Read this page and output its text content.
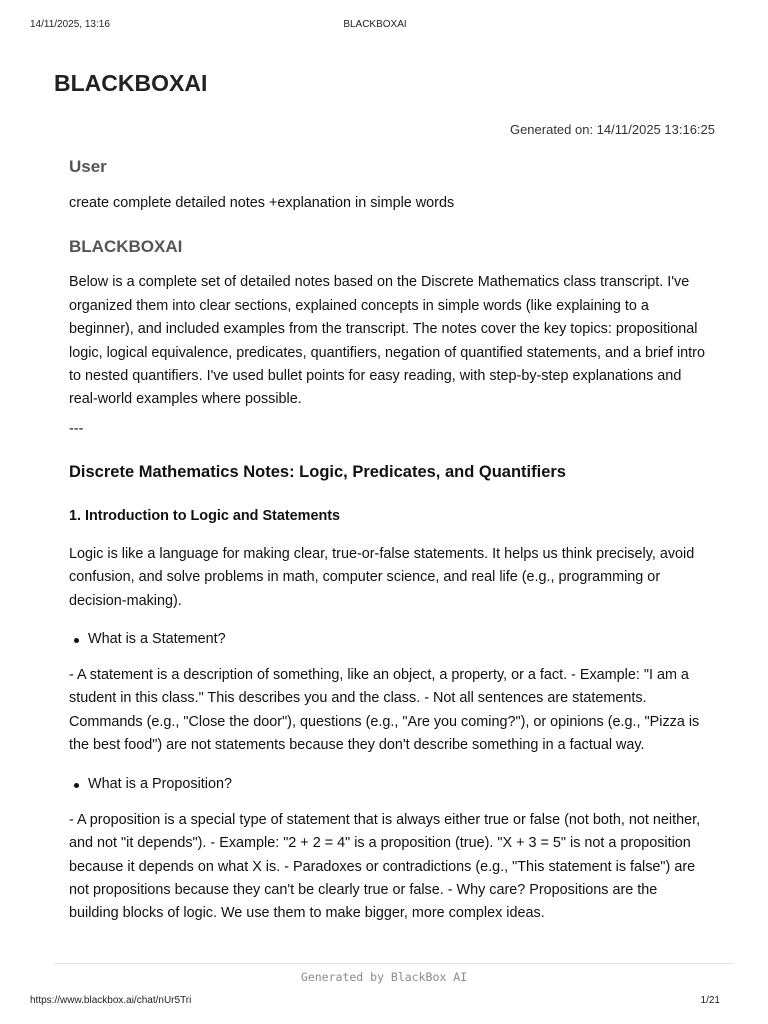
14/11/2025, 13:16	BLACKBOXAI
BLACKBOXAI
Generated on: 14/11/2025 13:16:25
User

create complete detailed notes +explanation in simple words

BLACKBOXAI

Below is a complete set of detailed notes based on the Discrete Mathematics class transcript. I've organized them into clear sections, explained concepts in simple words (like explaining to a beginner), and included examples from the transcript. The notes cover the key topics: propositional logic, logical equivalence, predicates, quantifiers, negation of quantified statements, and a brief intro to nested quantifiers. I've used bullet points for easy reading, with step-by-step explanations and real-world examples where possible.

---
Discrete Mathematics Notes: Logic, Predicates, and Quantifiers
1. Introduction to Logic and Statements

Logic is like a language for making clear, true-or-false statements. It helps us think precisely, avoid confusion, and solve problems in math, computer science, and real life (e.g., programming or decision-making).

What is a Statement?

- A statement is a description of something, like an object, a property, or a fact. - Example: "I am a student in this class." This describes you and the class. - Not all sentences are statements. Commands (e.g., "Close the door"), questions (e.g., "Are you coming?"), or opinions (e.g., "Pizza is the best food") are not statements because they don't describe something in a factual way.

What is a Proposition?

- A proposition is a special type of statement that is always either true or false (not both, not neither, and not "it depends"). - Example: "2 + 2 = 4" is a proposition (true). "X + 3 = 5" is not a proposition because it depends on what X is. - Paradoxes or contradictions (e.g., "This statement is false") are not propositions because they can't be clearly true or false. - Why care? Propositions are the building blocks of logic. We use them to make bigger, more complex ideas.

Generated by BlackBox AI
https://www.blackbox.ai/chat/nUr5Tri	1/21
